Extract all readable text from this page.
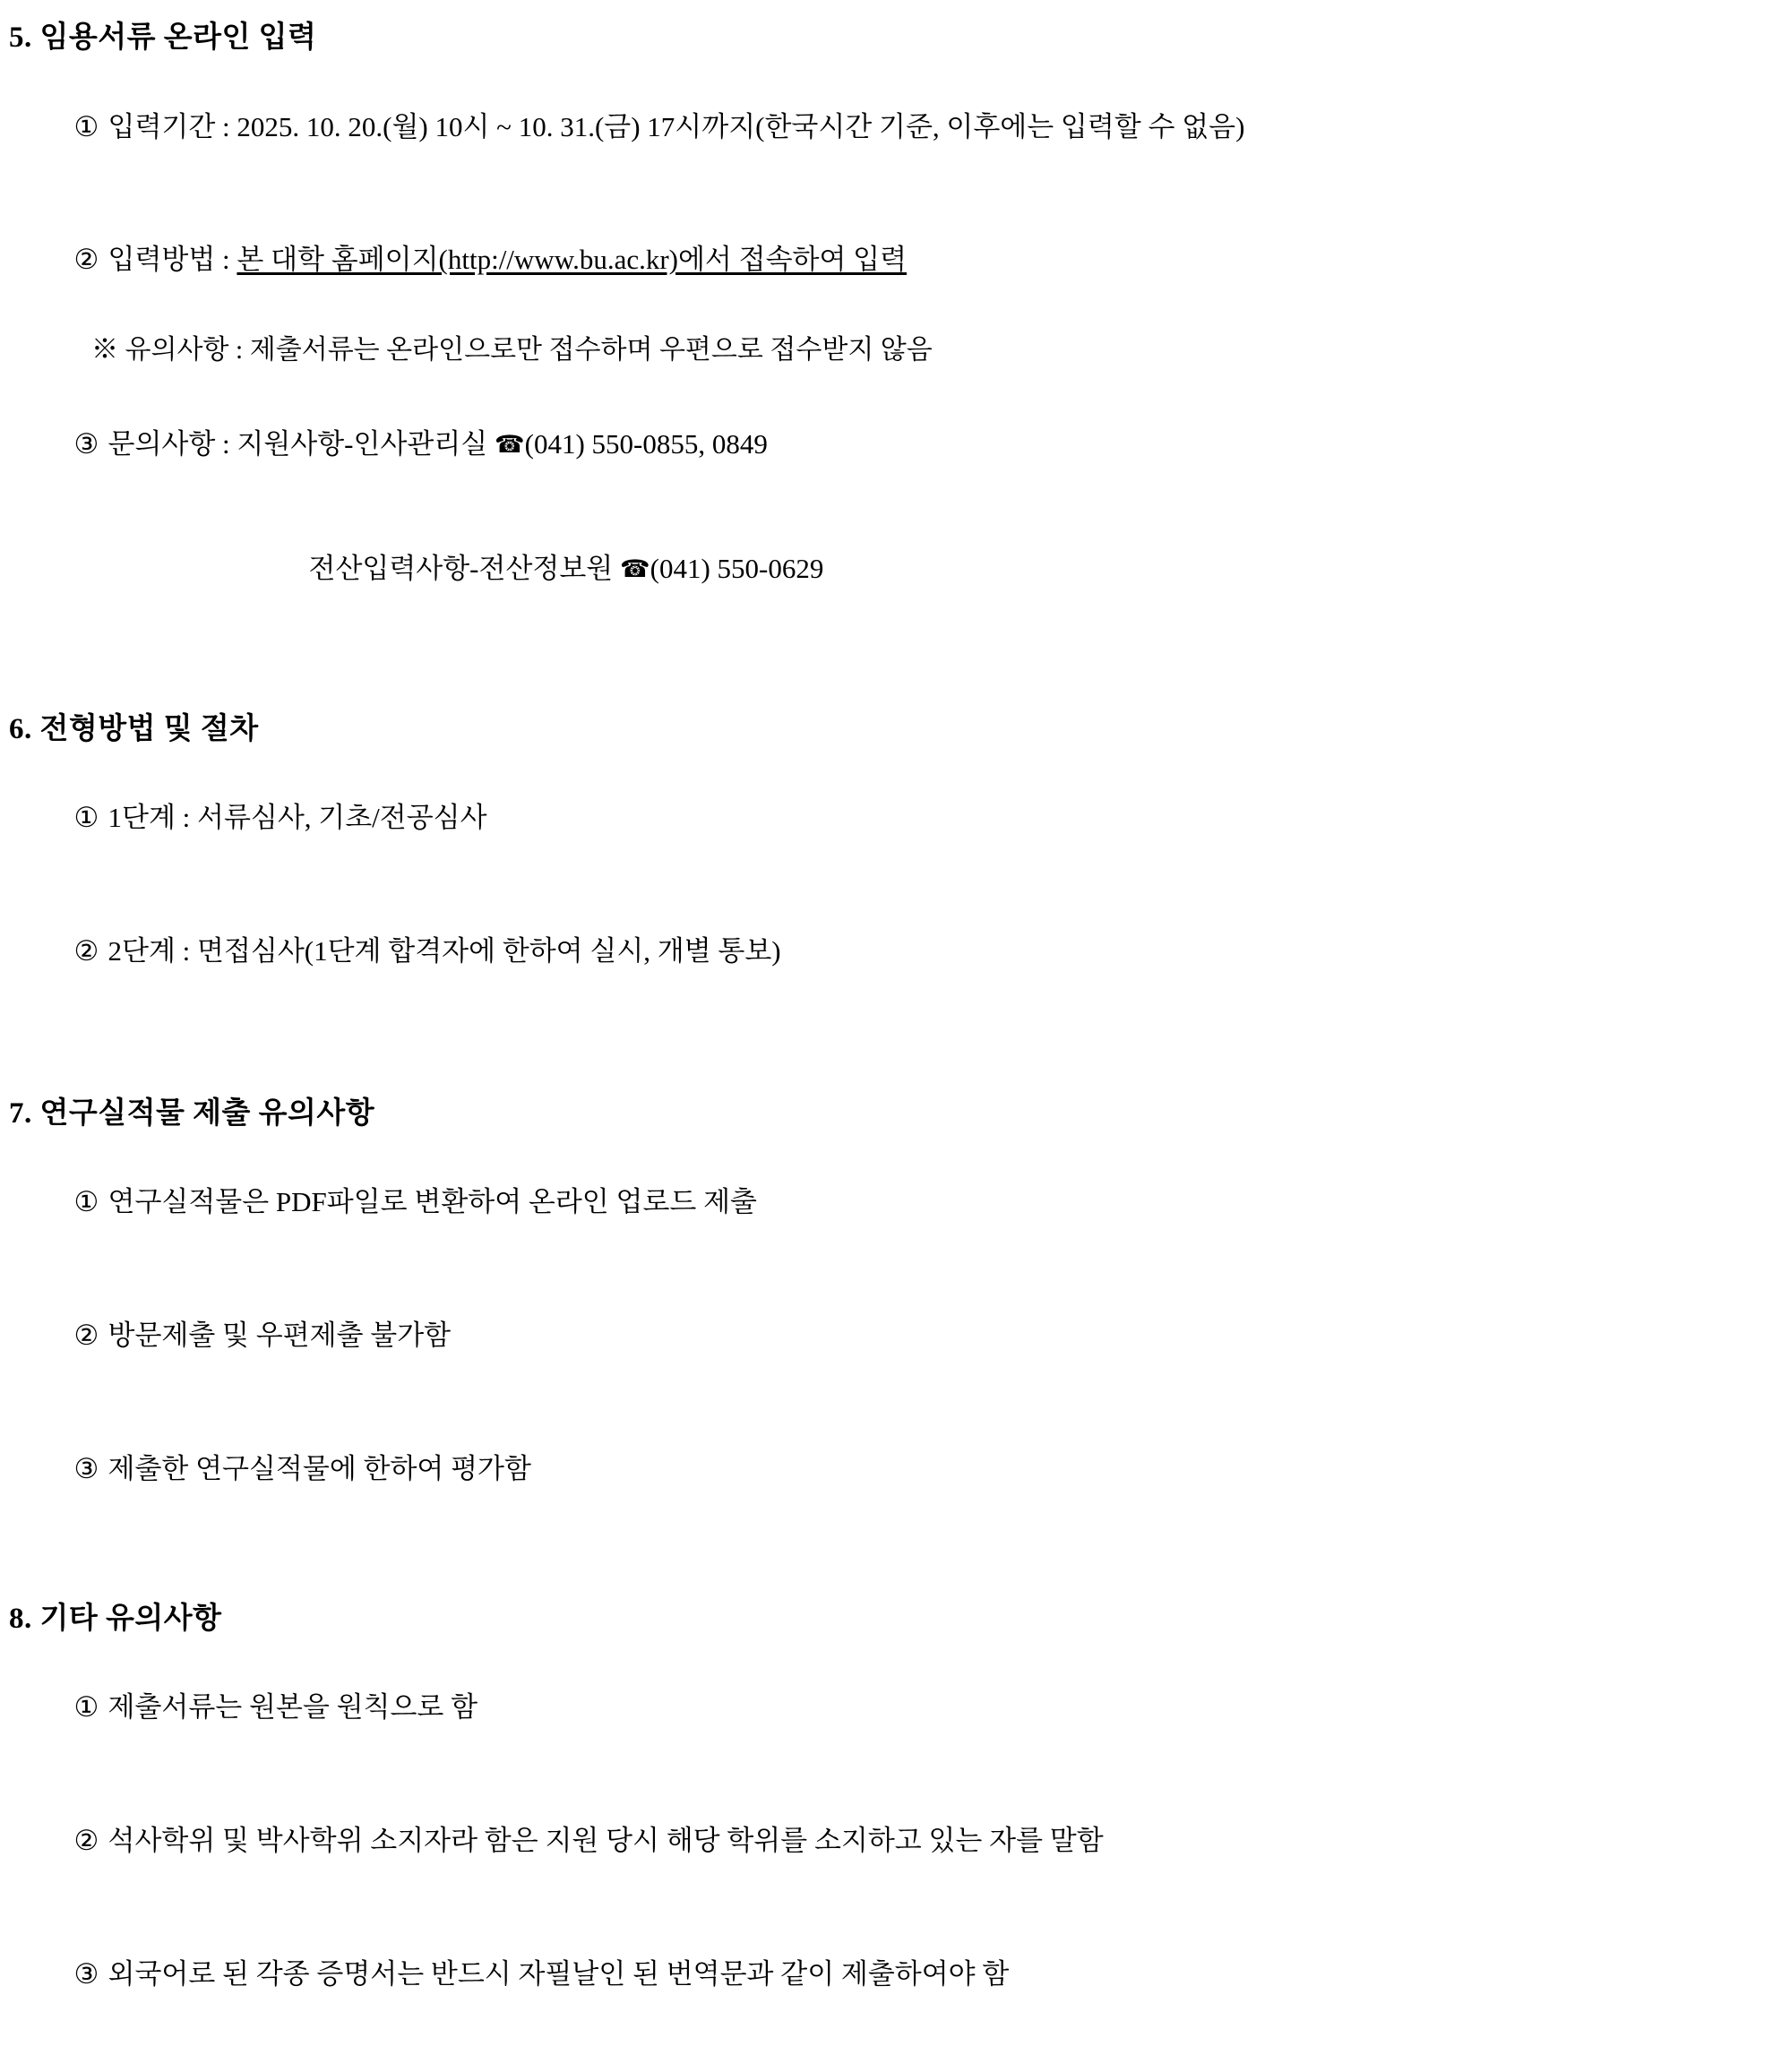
5. 임용서류 온라인 입력

① 입력기간 : 2025. 10. 20.(월) 10시 ~ 10. 31.(금) 17시까지(한국시간 기준, 이후에는 입력할 수 없음)

② 입력방법 : 본 대학 홈페이지(http://www.bu.ac.kr)에서 접속하여 입력

※ 유의사항 : 제출서류는 온라인으로만 접수하며 우편으로 접수받지 않음

③ 문의사항 : 지원사항-인사관리실 ☎(041) 550-0855, 0849

전산입력사항-전산정보원 ☎(041) 550-0629

6. 전형방법 및 절차

① 1단계 : 서류심사, 기초/전공심사

② 2단계 : 면접심사(1단계 합격자에 한하여 실시, 개별 통보)

7. 연구실적물 제출 유의사항

① 연구실적물은 PDF파일로 변환하여 온라인 업로드 제출

② 방문제출 및 우편제출 불가함

③ 제출한 연구실적물에 한하여 평가함

8. 기타 유의사항

① 제출서류는 원본을 원칙으로 함

② 석사학위 및 박사학위 소지자라 함은 지원 당시 해당 학위를 소지하고 있는 자를 말함

③ 외국어로 된 각종 증명서는 반드시 자필날인 된 번역문과 같이 제출하여야 함
